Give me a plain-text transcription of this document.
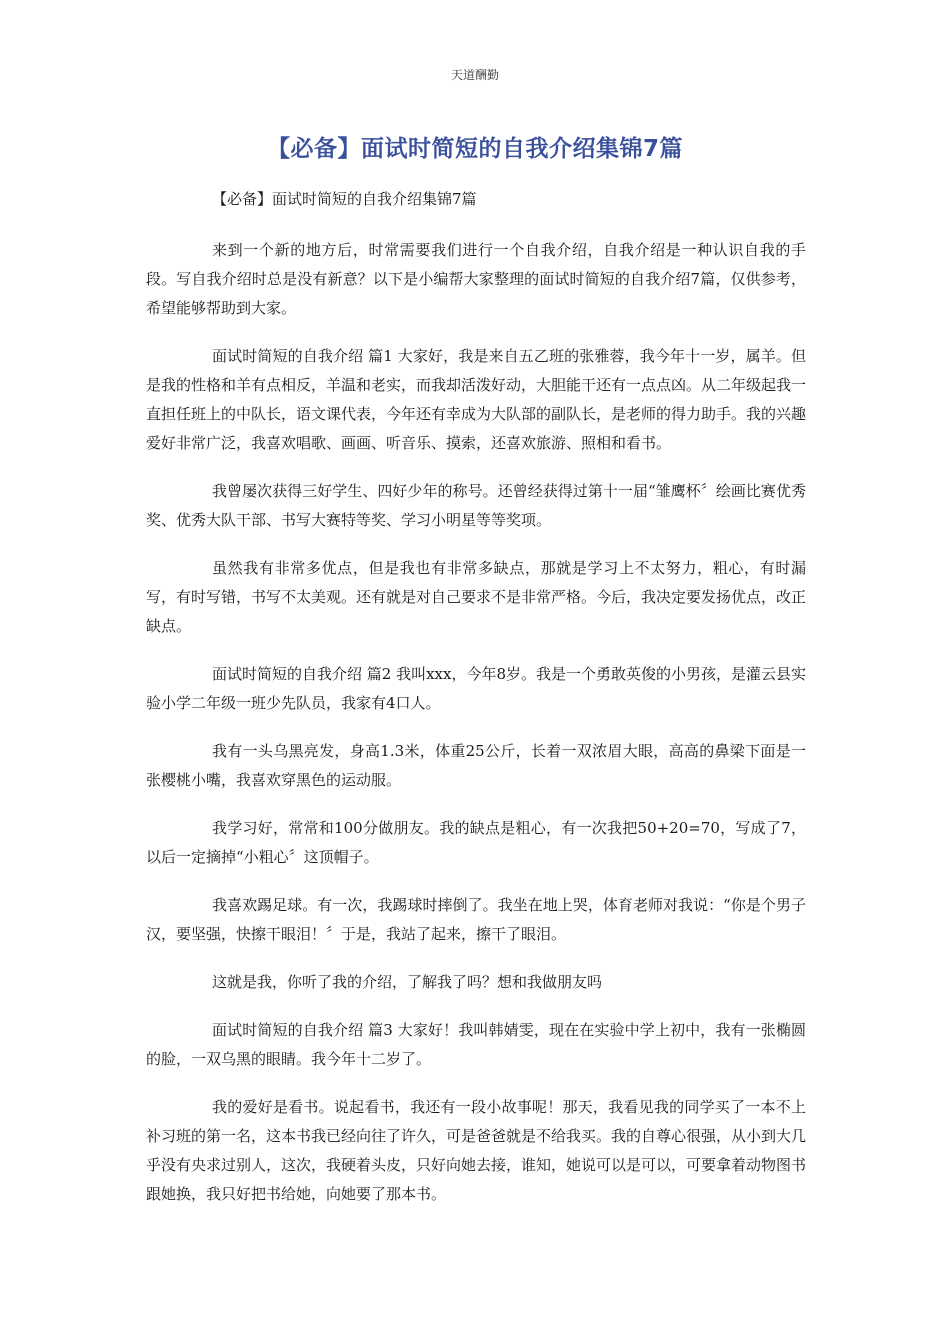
天道酬勤
【必备】面试时简短的自我介绍集锦7篇

【必备】面试时简短的自我介绍集锦7篇

来到一个新的地方后，时常需要我们进行一个自我介绍，自我介绍是一种认识自我的手段。写自我介绍时总是没有新意？以下是小编帮大家整理的面试时简短的自我介绍7篇，仅供参考，希望能够帮助到大家。

面试时简短的自我介绍 篇1 大家好，我是来自五乙班的张雅蓉，我今年十一岁，属羊。但是我的性格和羊有点相反，羊温和老实，而我却活泼好动，大胆能干还有一点点凶。从二年级起我一直担任班上的中队长，语文课代表，今年还有幸成为大队部的副队长，是老师的得力助手。我的兴趣爱好非常广泛，我喜欢唱歌、画画、听音乐、摸索，还喜欢旅游、照相和看书。

我曾屡次获得三好学生、四好少年的称号。还曾经获得过第十一届“雏鹰杯〞绘画比赛优秀奖、优秀大队干部、书写大赛特等奖、学习小明星等等奖项。

虽然我有非常多优点，但是我也有非常多缺点，那就是学习上不太努力，粗心，有时漏写，有时写错，书写不太美观。还有就是对自己要求不是非常严格。今后，我决定要发扬优点，改正缺点。

面试时简短的自我介绍 篇2 我叫xxx，今年8岁。我是一个勇敢英俊的小男孩，是灌云县实验小学二年级一班少先队员，我家有4口人。

我有一头乌黑亮发，身高1.3米，体重25公斤，长着一双浓眉大眼，高高的鼻梁下面是一张樱桃小嘴，我喜欢穿黑色的运动服。

我学习好，常常和100分做朋友。我的缺点是粗心，有一次我把50+20=70，写成了7，以后一定摘掉“小粗心〞这顶帽子。

我喜欢踢足球。有一次，我踢球时摔倒了。我坐在地上哭，体育老师对我说：“你是个男子汉，要坚强，快擦干眼泪！〞于是，我站了起来，擦干了眼泪。

这就是我，你听了我的介绍，了解我了吗？想和我做朋友吗

面试时简短的自我介绍 篇3 大家好！我叫韩婧雯，现在在实验中学上初中，我有一张椭圆的脸，一双乌黑的眼睛。我今年十二岁了。

我的爱好是看书。说起看书，我还有一段小故事呢！那天，我看见我的同学买了一本不上补习班的第一名，这本书我已经向往了许久，可是爸爸就是不给我买。我的自尊心很强，从小到大几乎没有央求过别人，这次，我硬着头皮，只好向她去接，谁知，她说可以是可以，可要拿着动物图书跟她换，我只好把书给她，向她要了那本书。
